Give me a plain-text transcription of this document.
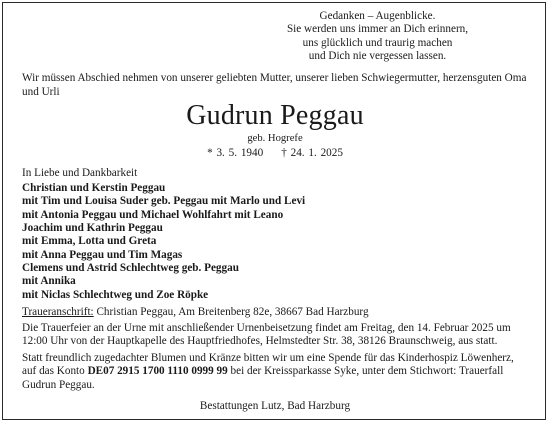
Gedanken – Augenblicke.
Sie werden uns immer an Dich erinnern,
uns glücklich und traurig machen
und Dich nie vergessen lassen.
Wir müssen Abschied nehmen von unserer geliebten Mutter, unserer lieben Schwiegermutter, herzensguten Oma und Urli
Gudrun Peggau
geb. Hogrefe
* 3. 5. 1940 † 24. 1. 2025
In Liebe und Dankbarkeit
Christian und Kerstin Peggau
mit Tim und Louisa Suder geb. Peggau mit Marlo und Levi
mit Antonia Peggau und Michael Wohlfahrt mit Leano
Joachim und Kathrin Peggau
mit Emma, Lotta und Greta
mit Anna Peggau und Tim Magas
Clemens und Astrid Schlechtweg geb. Peggau
mit Annika
mit Niclas Schlechtweg und Zoe Röpke
Traueranschrift: Christian Peggau, Am Breitenberg 82e, 38667 Bad Harzburg
Die Trauerfeier an der Urne mit anschließender Urnenbeisetzung findet am Freitag, den 14. Februar 2025 um
12:00 Uhr von der Hauptkapelle des Hauptfriedhofes, Helmstedter Str. 38, 38126 Braunschweig, aus statt.
Statt freundlich zugedachter Blumen und Kränze bitten wir um eine Spende für das Kinderhospiz Löwenherz,
auf das Konto DE07 2915 1700 1110 0999 99 bei der Kreissparkasse Syke, unter dem Stichwort: Trauerfall
Gudrun Peggau.
Bestattungen Lutz, Bad Harzburg
